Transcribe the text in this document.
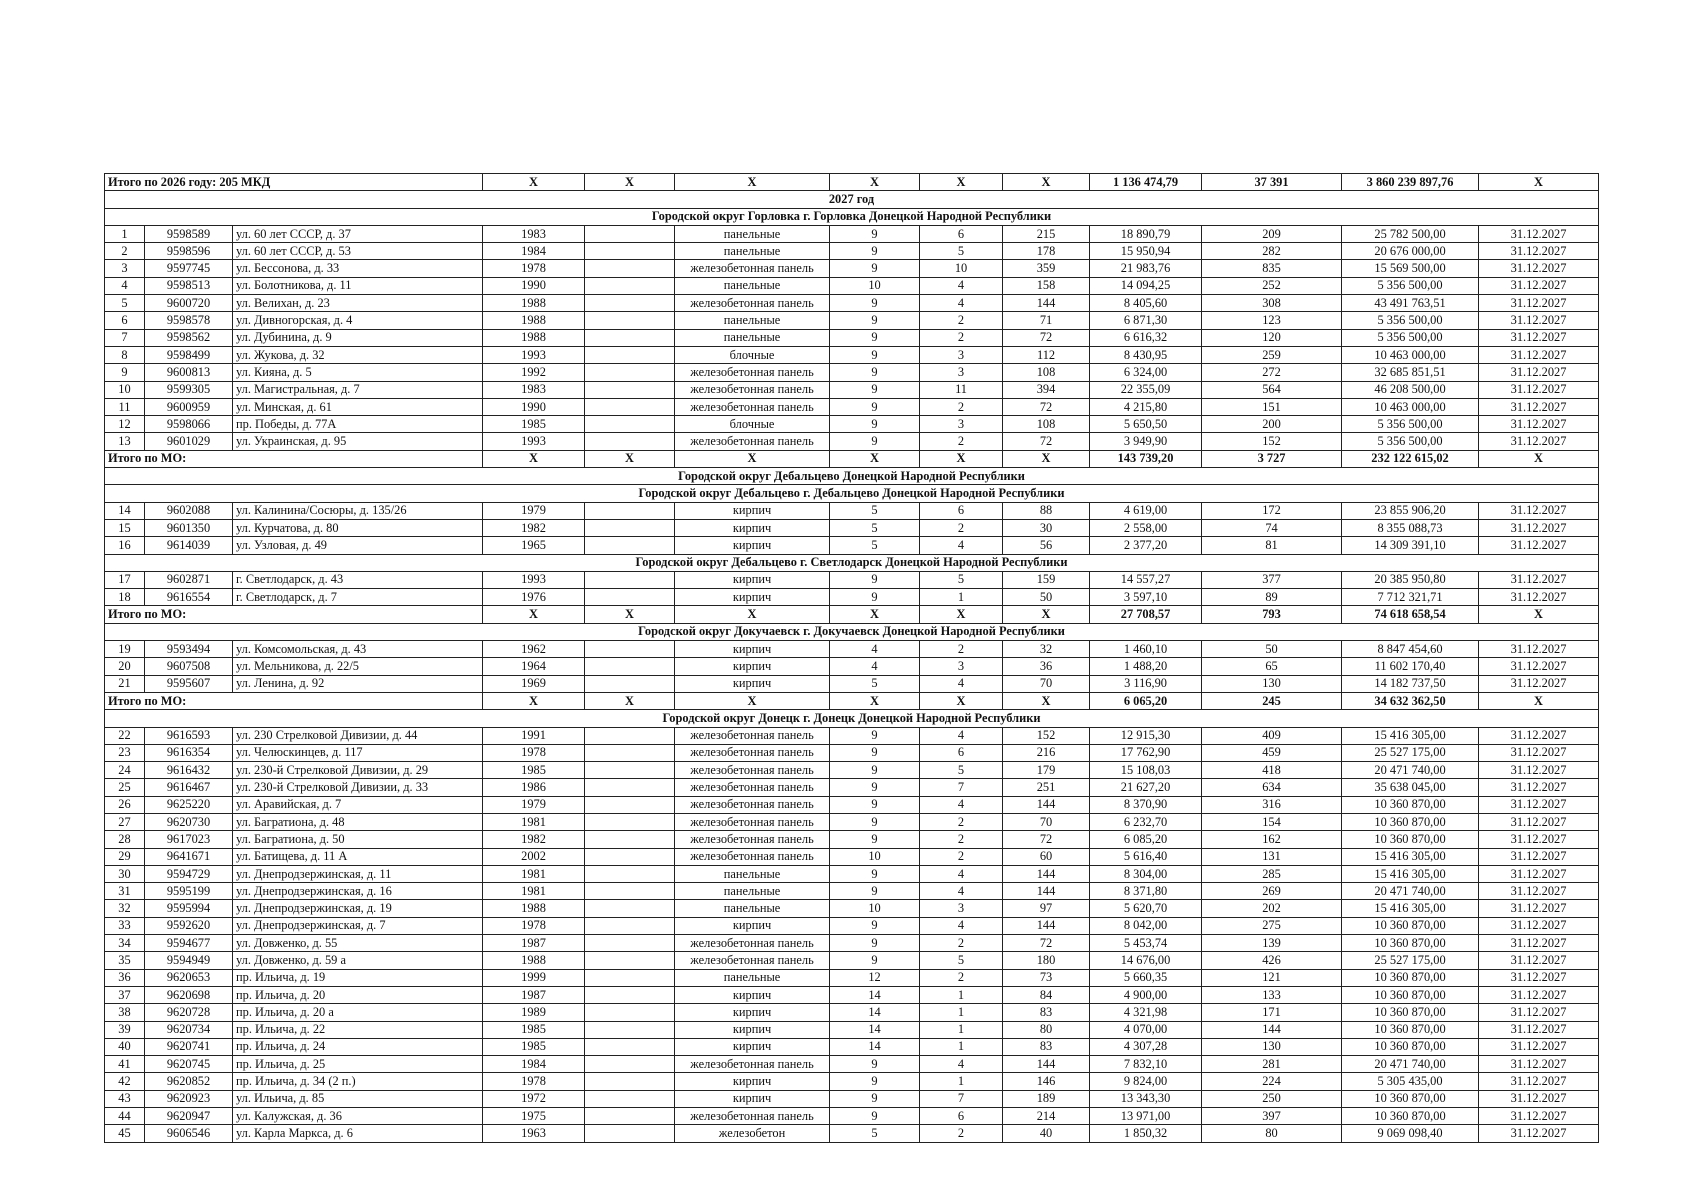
Итого по 2026 году: 205 МКД			X	X	X	X	X	X	1 136 474,79	37 391	3 860 239 897,76	X
2027 год												
Городской округ Горловка г. Горловка Донецкой Народной Республики												
1	9598589	ул. 60 лет СССР, д. 37	1983		панельные	9	6	215	18 890,79	209	25 782 500,00	31.12.2027
2	9598596	ул. 60 лет СССР, д. 53	1984		панельные	9	5	178	15 950,94	282	20 676 000,00	31.12.2027
3	9597745	ул. Бессонова, д. 33	1978		железобетонная панель	9	10	359	21 983,76	835	15 569 500,00	31.12.2027
4	9598513	ул. Болотникова, д. 11	1990		панельные	10	4	158	14 094,25	252	5 356 500,00	31.12.2027
5	9600720	ул. Велихан, д. 23	1988		железобетонная панель	9	4	144	8 405,60	308	43 491 763,51	31.12.2027
6	9598578	ул. Дивногорская, д. 4	1988		панельные	9	2	71	6 871,30	123	5 356 500,00	31.12.2027
7	9598562	ул. Дубинина, д. 9	1988		панельные	9	2	72	6 616,32	120	5 356 500,00	31.12.2027
8	9598499	ул. Жукова, д. 32	1993		блочные	9	3	112	8 430,95	259	10 463 000,00	31.12.2027
9	9600813	ул. Кияна, д. 5	1992		железобетонная панель	9	3	108	6 324,00	272	32 685 851,51	31.12.2027
10	9599305	ул. Магистральная, д. 7	1983		железобетонная панель	9	11	394	22 355,09	564	46 208 500,00	31.12.2027
11	9600959	ул. Минская, д. 61	1990		железобетонная панель	9	2	72	4 215,80	151	10 463 000,00	31.12.2027
12	9598066	пр. Победы, д. 77А	1985		блочные	9	3	108	5 650,50	200	5 356 500,00	31.12.2027
13	9601029	ул. Украинская, д. 95	1993		железобетонная панель	9	2	72	3 949,90	152	5 356 500,00	31.12.2027
Итого по МО:			X	X	X	X	X	X	143 739,20	3 727	232 122 615,02	X
Городской округ Дебальцево Донецкой Народной Республики												
Городской округ Дебальцево г. Дебальцево Донецкой Народной Республики												
14	9602088	ул. Калинина/Сосюры, д. 135/26	1979		кирпич	5	6	88	4 619,00	172	23 855 906,20	31.12.2027
15	9601350	ул. Курчатова, д. 80	1982		кирпич	5	2	30	2 558,00	74	8 355 088,73	31.12.2027
16	9614039	ул. Узловая, д. 49	1965		кирпич	5	4	56	2 377,20	81	14 309 391,10	31.12.2027
Городской округ Дебальцево г. Светлодарск Донецкой Народной Республики												
17	9602871	г. Светлодарск, д. 43	1993		кирпич	9	5	159	14 557,27	377	20 385 950,80	31.12.2027
18	9616554	г. Светлодарск, д. 7	1976		кирпич	9	1	50	3 597,10	89	7 712 321,71	31.12.2027
Итого по МО:			X	X	X	X	X	X	27 708,57	793	74 618 658,54	X
Городской округ Докучаевск г. Докучаевск Донецкой Народной Республики												
19	9593494	ул. Комсомольская, д. 43	1962		кирпич	4	2	32	1 460,10	50	8 847 454,60	31.12.2027
20	9607508	ул. Мельникова, д. 22/5	1964		кирпич	4	3	36	1 488,20	65	11 602 170,40	31.12.2027
21	9595607	ул. Ленина, д. 92	1969		кирпич	5	4	70	3 116,90	130	14 182 737,50	31.12.2027
Итого по МО:			X	X	X	X	X	X	6 065,20	245	34 632 362,50	X
Городской округ Донецк г. Донецк Донецкой Народной Республики												
22	9616593	ул. 230 Стрелковой Дивизии, д. 44	1991		железобетонная панель	9	4	152	12 915,30	409	15 416 305,00	31.12.2027
23	9616354	ул. Челюскинцев, д. 117	1978		железобетонная панель	9	6	216	17 762,90	459	25 527 175,00	31.12.2027
24	9616432	ул. 230-й Стрелковой Дивизии, д. 29	1985		железобетонная панель	9	5	179	15 108,03	418	20 471 740,00	31.12.2027
25	9616467	ул. 230-й Стрелковой Дивизии, д. 33	1986		железобетонная панель	9	7	251	21 627,20	634	35 638 045,00	31.12.2027
26	9625220	ул. Аравийская, д. 7	1979		железобетонная панель	9	4	144	8 370,90	316	10 360 870,00	31.12.2027
27	9620730	ул. Багратиона, д. 48	1981		железобетонная панель	9	2	70	6 232,70	154	10 360 870,00	31.12.2027
28	9617023	ул. Багратиона, д. 50	1982		железобетонная панель	9	2	72	6 085,20	162	10 360 870,00	31.12.2027
29	9641671	ул. Батищева, д. 11 А	2002		железобетонная панель	10	2	60	5 616,40	131	15 416 305,00	31.12.2027
30	9594729	ул. Днепродзержинская, д. 11	1981		панельные	9	4	144	8 304,00	285	15 416 305,00	31.12.2027
31	9595199	ул. Днепродзержинская, д. 16	1981		панельные	9	4	144	8 371,80	269	20 471 740,00	31.12.2027
32	9595994	ул. Днепродзержинская, д. 19	1988		панельные	10	3	97	5 620,70	202	15 416 305,00	31.12.2027
33	9592620	ул. Днепродзержинская, д. 7	1978		кирпич	9	4	144	8 042,00	275	10 360 870,00	31.12.2027
34	9594677	ул. Довженко, д. 55	1987		железобетонная панель	9	2	72	5 453,74	139	10 360 870,00	31.12.2027
35	9594949	ул. Довженко, д. 59 а	1988		железобетонная панель	9	5	180	14 676,00	426	25 527 175,00	31.12.2027
36	9620653	пр. Ильича, д. 19	1999		панельные	12	2	73	5 660,35	121	10 360 870,00	31.12.2027
37	9620698	пр. Ильича, д. 20	1987		кирпич	14	1	84	4 900,00	133	10 360 870,00	31.12.2027
38	9620728	пр. Ильича, д. 20 а	1989		кирпич	14	1	83	4 321,98	171	10 360 870,00	31.12.2027
39	9620734	пр. Ильича, д. 22	1985		кирпич	14	1	80	4 070,00	144	10 360 870,00	31.12.2027
40	9620741	пр. Ильича, д. 24	1985		кирпич	14	1	83	4 307,28	130	10 360 870,00	31.12.2027
41	9620745	пр. Ильича, д. 25	1984		железобетонная панель	9	4	144	7 832,10	281	20 471 740,00	31.12.2027
42	9620852	пр. Ильича, д. 34 (2 п.)	1978		кирпич	9	1	146	9 824,00	224	5 305 435,00	31.12.2027
43	9620923	ул. Ильича, д. 85	1972		кирпич	9	7	189	13 343,30	250	10 360 870,00	31.12.2027
44	9620947	ул. Калужская, д. 36	1975		железобетонная панель	9	6	214	13 971,00	397	10 360 870,00	31.12.2027
45	9606546	ул. Карла Маркса, д. 6	1963		железобетон	5	2	40	1 850,32	80	9 069 098,40	31.12.2027
